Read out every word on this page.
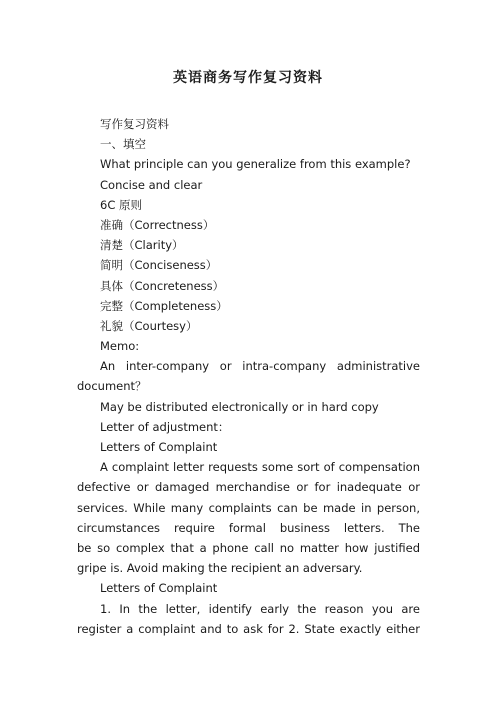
英语商务写作复习资料
写作复习资料
一、填空
What principle can you generalize from this example?
Concise and clear
6C 原则
准确（Correctness）
清楚（Clarity）
简明（Conciseness）
具体（Concreteness）
完整（Completeness）
礼貌（Courtesy）
Memo:
An inter-company or intra-company administrative
document？
May be distributed electronically or in hard copy
Letter of adjustment：
Letters of Complaint
A complaint letter requests some sort of compensation
defective or damaged merchandise or for inadequate or
services. While many complaints can be made in person,
circumstances require formal business letters. The
be so complex that a phone call no matter how justified
gripe is. Avoid making the recipient an adversary.
Letters of Complaint
1. In the letter, identify early the reason you are
register a complaint and to ask for 2. State exactly either
